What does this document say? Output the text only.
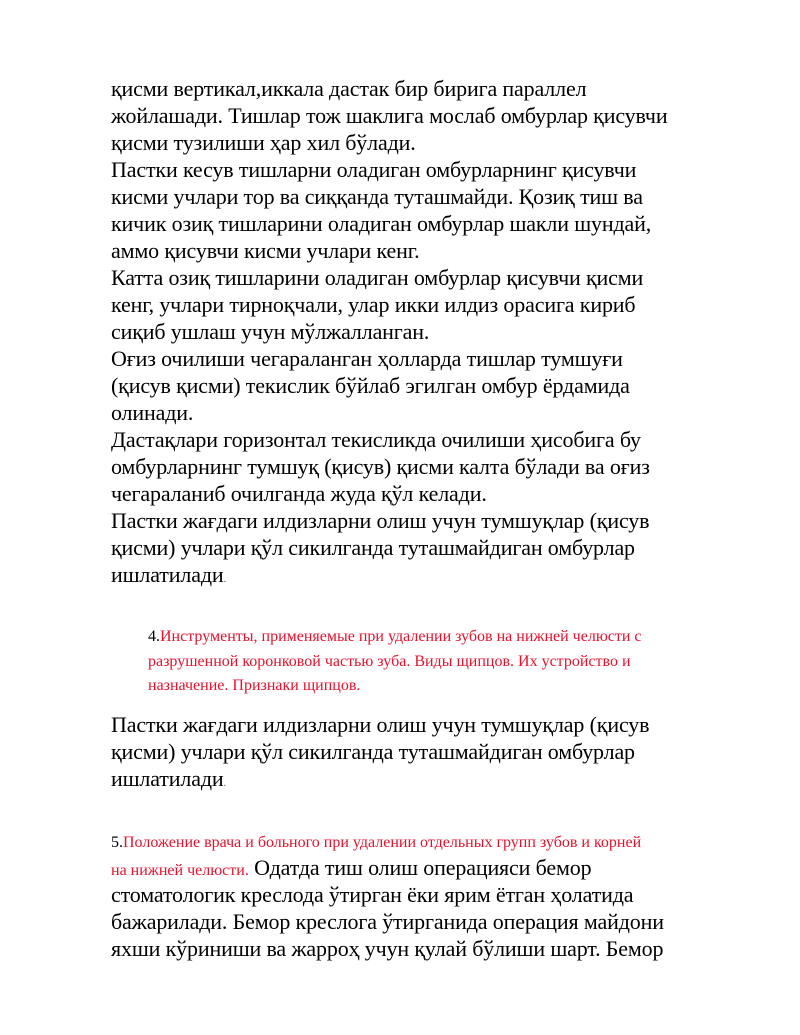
қисми вертикал,иккала дастак бир бирига параллел
жойлашади. Тишлар тож шаклига мослаб омбурлар қисувчи
қисми тузилиши ҳар хил бўлади.
Пастки кесув тишларни оладиган омбурларнинг қисувчи
кисми учлари тор ва сиққанда туташмайди. Қозиқ тиш ва
кичик озиқ тишларини оладиган омбурлар шакли шундай,
аммо қисувчи кисми учлари кенг.
Катта озиқ тишларини оладиган омбурлар қисувчи қисми
кенг, учлари тирноқчали, улар икки илдиз орасига кириб
сиқиб ушлаш учун мўлжалланган.
Оғиз очилиши чегараланган ҳолларда тишлар тумшуғи
(қисув қисми) текислик бўйлаб эгилган омбур ёрдамида
олинади.
Дастақлари горизонтал текисликда очилиши ҳисобига бу
омбурларнинг тумшуқ (қисув) қисми калта бўлади ва оғиз
чегараланиб очилганда жуда қўл келади.
Пастки жағдаги илдизларни олиш учун тумшуқлар (қисув
қисми) учлари қўл сикилганда туташмайдиган омбурлар
ишлатилади.
4.Инструменты, применяемые при удалении зубов на нижней челюсти с
разрушенной коронковой частью зуба. Виды щипцов. Их устройство и
назначение. Признаки щипцов.
Пастки жағдаги илдизларни олиш учун тумшуқлар (қисув
қисми) учлари қўл сикилганда туташмайдиган омбурлар
ишлатилади.
5.Положение врача и больного при удалении отдельных групп зубов и корней
на нижней челюсти. Одатда тиш олиш операцияси бемор
стоматологик креслода ўтирган ёки ярим ётган ҳолатида
бажарилади. Бемор креслога ўтирганида операция майдони
яхши кўриниши ва жарроҳ учун қулай бўлиши шарт. Бемор
